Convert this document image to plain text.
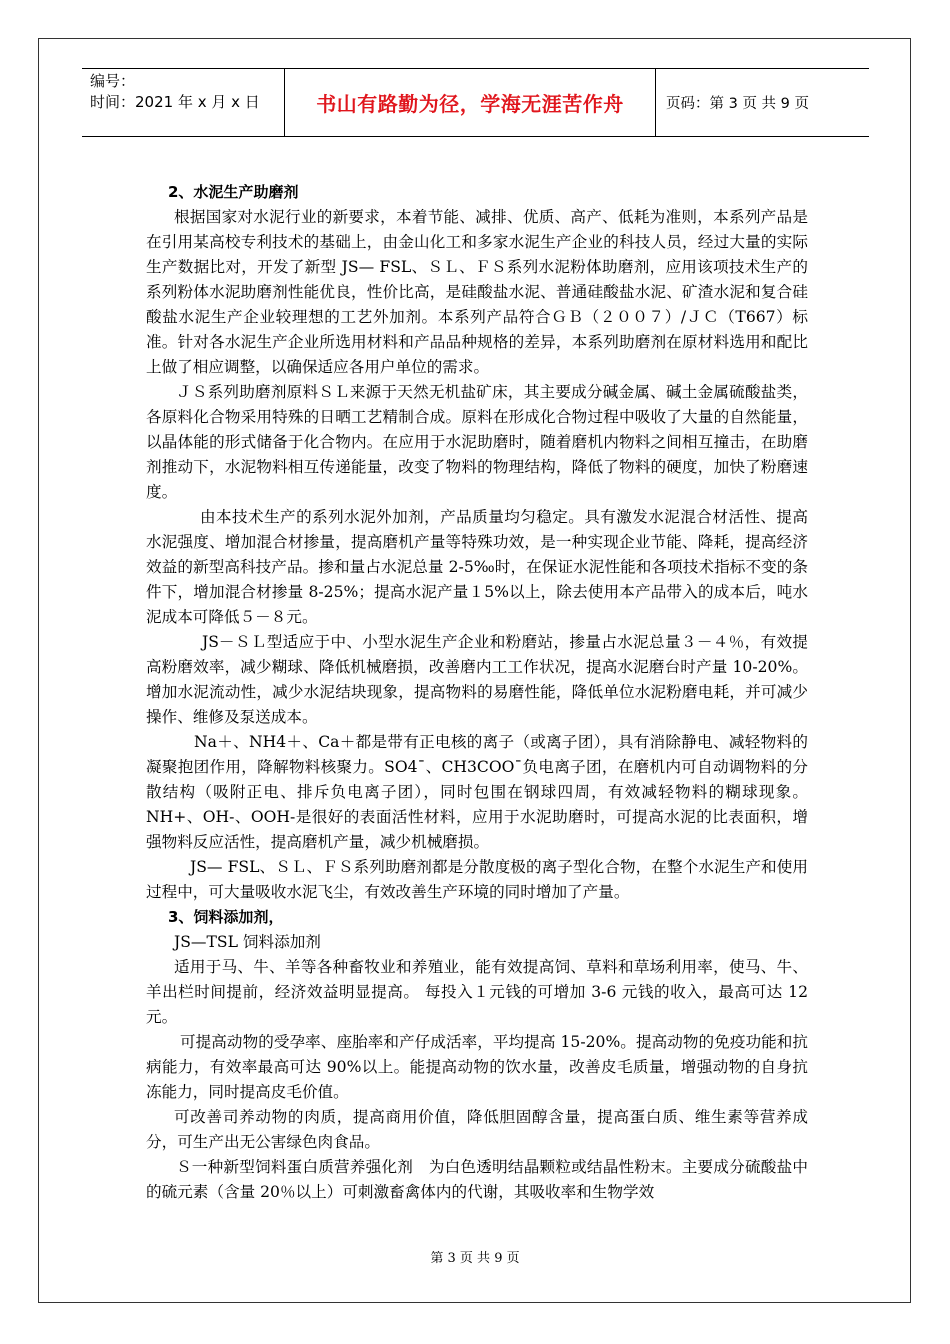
编号：
时间：2021 年 x 月 x 日	书山有路勤为径，学海无涯苦作舟	页码：第 3 页 共 9 页

2、水泥生产助磨剂

根据国家对水泥行业的新要求，本着节能、减排、优质、高产、低耗为准则，本系列产品是在引用某高校专利技术的基础上，由金山化工和多家水泥生产企业的科技人员，经过大量的实际生产数据比对，开发了新型 JS— FSL、ＳＬ、ＦＳ系列水泥粉体助磨剂，应用该项技术生产的系列粉体水泥助磨剂性能优良，性价比高，是硅酸盐水泥、普通硅酸盐水泥、矿渣水泥和复合硅酸盐水泥生产企业较理想的工艺外加剂。本系列产品符合ＧＢ（２００７）/ＪＣ（T667）标准。针对各水泥生产企业所选用材料和产品品种规格的差异，本系列助磨剂在原材料选用和配比上做了相应调整，以确保适应各用户单位的需求。

ＪＳ系列助磨剂原料ＳＬ来源于天然无机盐矿床，其主要成分碱金属、碱土金属硫酸盐类，各原料化合物采用特殊的日晒工艺精制合成。原料在形成化合物过程中吸收了大量的自然能量，以晶体能的形式储备于化合物内。在应用于水泥助磨时，随着磨机内物料之间相互撞击，在助磨剂推动下，水泥物料相互传递能量，改变了物料的物理结构，降低了物料的硬度，加快了粉磨速度。

由本技术生产的系列水泥外加剂，产品质量均匀稳定。具有激发水泥混合材活性、提高水泥强度、增加混合材掺量，提高磨机产量等特殊功效，是一种实现企业节能、降耗，提高经济效益的新型高科技产品。掺和量占水泥总量 2-5‰时，在保证水泥性能和各项技术指标不变的条件下，增加混合材掺量 8-25%；提高水泥产量１5%以上，除去使用本产品带入的成本后，吨水泥成本可降低５－８元。

JS－ＳＬ型适应于中、小型水泥生产企业和粉磨站，掺量占水泥总量３－４％，有效提高粉磨效率，减少糊球、降低机械磨损，改善磨内工工作状况，提高水泥磨台时产量 10-20%。增加水泥流动性，减少水泥结块现象，提高物料的易磨性能，降低单位水泥粉磨电耗，并可减少操作、维修及泵送成本。

Na＋、NH4＋、Ca＋都是带有正电核的离子（或离子团），具有消除静电、减轻物料的凝聚抱团作用，降解物料核聚力。SO4ˉ、CH3COOˉ负电离子团，在磨机内可自动调物料的分散结构（吸附正电、排斥负电离子团），同时包围在钢球四周，有效减轻物料的糊球现象。NH+、OH-、OOH-是很好的表面活性材料，应用于水泥助磨时，可提高水泥的比表面积，增强物料反应活性，提高磨机产量，减少机械磨损。

JS— FSL、ＳＬ、ＦＳ系列助磨剂都是分散度极的离子型化合物，在整个水泥生产和使用过程中，可大量吸收水泥飞尘，有效改善生产环境的同时增加了产量。

3、饲料添加剂，

JS—TSL 饲料添加剂

适用于马、牛、羊等各种畜牧业和养殖业，能有效提高饲、草料和草场利用率，使马、牛、羊出栏时间提前，经济效益明显提高。 每投入１元钱的可增加 3-6 元钱的收入，最高可达 12 元。

可提高动物的受孕率、座胎率和产仔成活率，平均提高 15-20%。提高动物的免疫功能和抗病能力，有效率最高可达 90%以上。能提高动物的饮水量，改善皮毛质量，增强动物的自身抗冻能力，同时提高皮毛价值。

可改善司养动物的肉质，提高商用价值，降低胆固醇含量，提高蛋白质、维生素等营养成分，可生产出无公害绿色肉食品。

Ｓ一种新型饲料蛋白质营养强化剂　为白色透明结晶颗粒或结晶性粉末。主要成分硫酸盐中的硫元素（含量 20％以上）可刺激畜禽体内的代谢，其吸收率和生物学效

第 3 页 共 9 页
